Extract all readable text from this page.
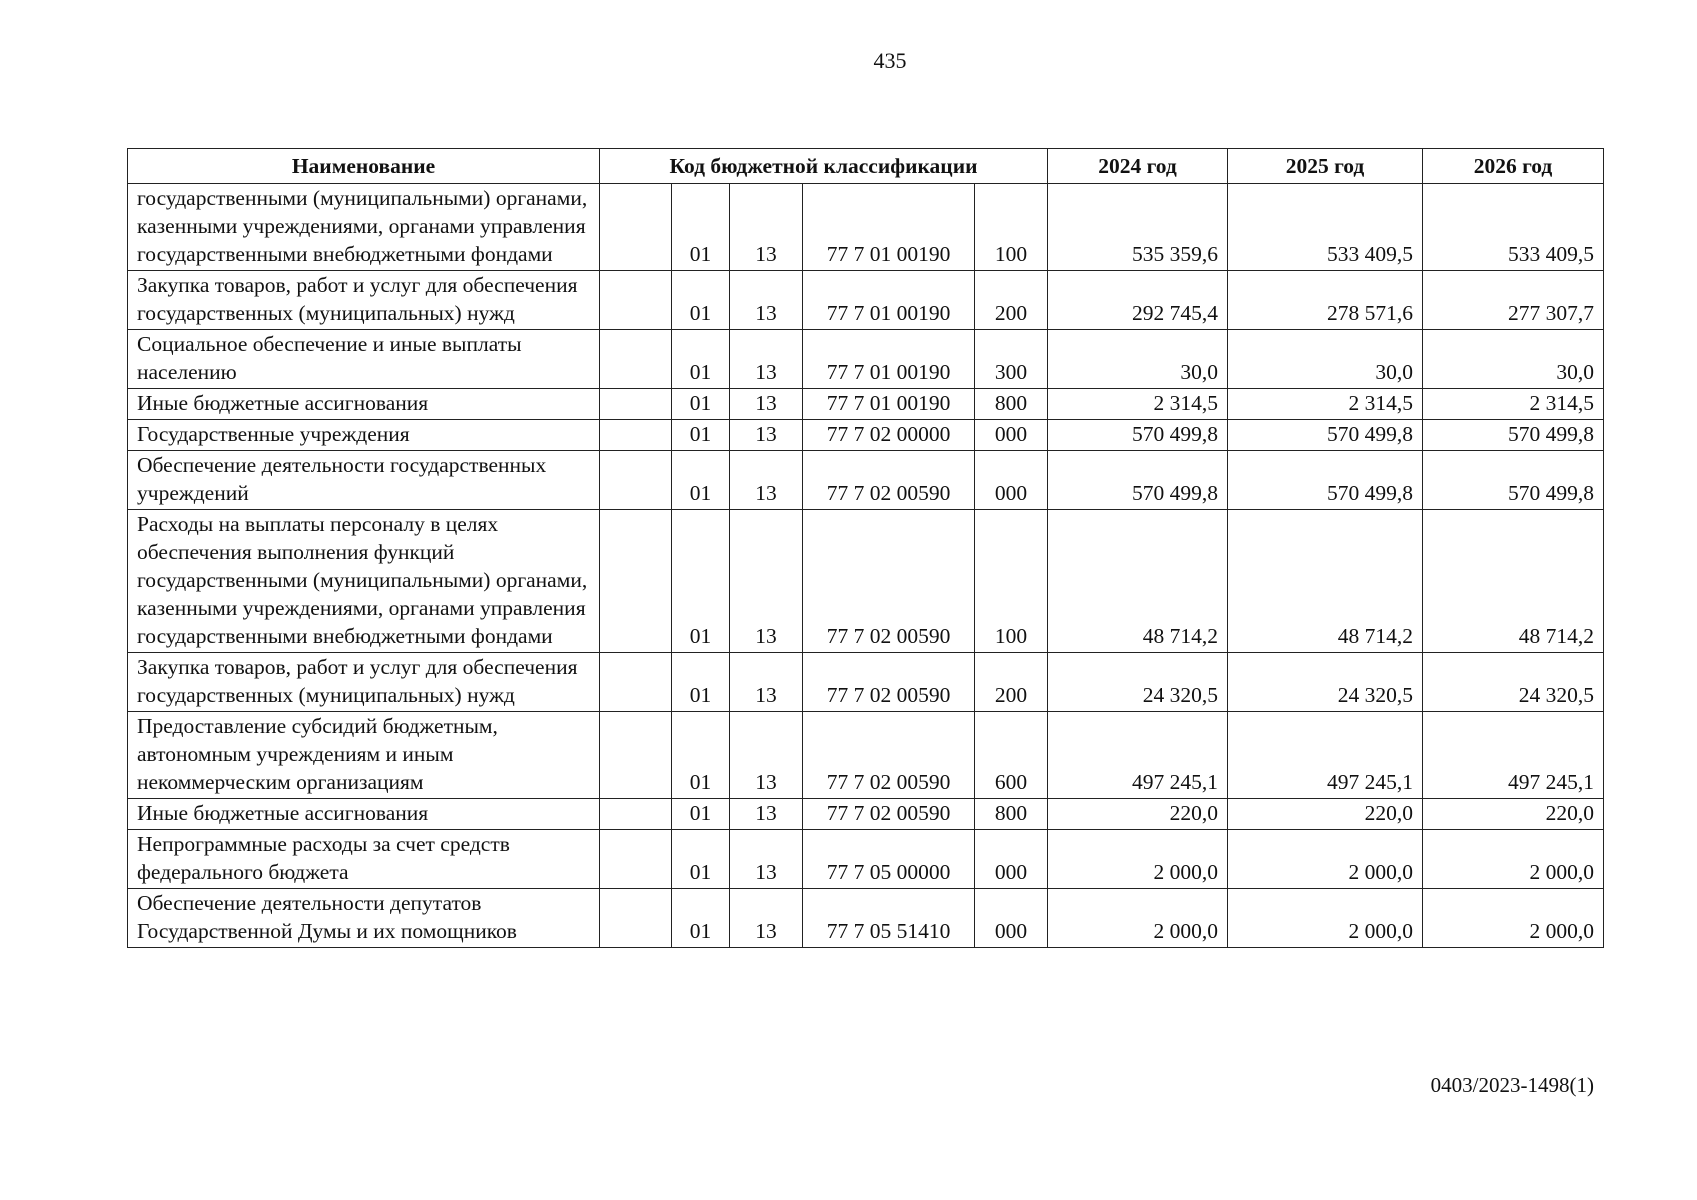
435
Наименование	Код бюджетной классификации					2024 год	2025 год	2026 год
государственными (муниципальными) органами, казенными учреждениями, органами управления государственными внебюджетными фондами		01	13	77 7 01 00190	100	535 359,6	533 409,5	533 409,5
Закупка товаров, работ и услуг для обеспечения государственных (муниципальных) нужд		01	13	77 7 01 00190	200	292 745,4	278 571,6	277 307,7
Социальное обеспечение и иные выплаты населению		01	13	77 7 01 00190	300	30,0	30,0	30,0
Иные бюджетные ассигнования		01	13	77 7 01 00190	800	2 314,5	2 314,5	2 314,5
Государственные учреждения		01	13	77 7 02 00000	000	570 499,8	570 499,8	570 499,8
Обеспечение деятельности государственных учреждений		01	13	77 7 02 00590	000	570 499,8	570 499,8	570 499,8
Расходы на выплаты персоналу в целях обеспечения выполнения функций государственными (муниципальными) органами, казенными учреждениями, органами управления государственными внебюджетными фондами		01	13	77 7 02 00590	100	48 714,2	48 714,2	48 714,2
Закупка товаров, работ и услуг для обеспечения государственных (муниципальных) нужд		01	13	77 7 02 00590	200	24 320,5	24 320,5	24 320,5
Предоставление субсидий бюджетным, автономным учреждениям и иным некоммерческим организациям		01	13	77 7 02 00590	600	497 245,1	497 245,1	497 245,1
Иные бюджетные ассигнования		01	13	77 7 02 00590	800	220,0	220,0	220,0
Непрограммные расходы за счет средств федерального бюджета		01	13	77 7 05 00000	000	2 000,0	2 000,0	2 000,0
Обеспечение деятельности депутатов Государственной Думы и их помощников		01	13	77 7 05 51410	000	2 000,0	2 000,0	2 000,0
0403/2023-1498(1)
